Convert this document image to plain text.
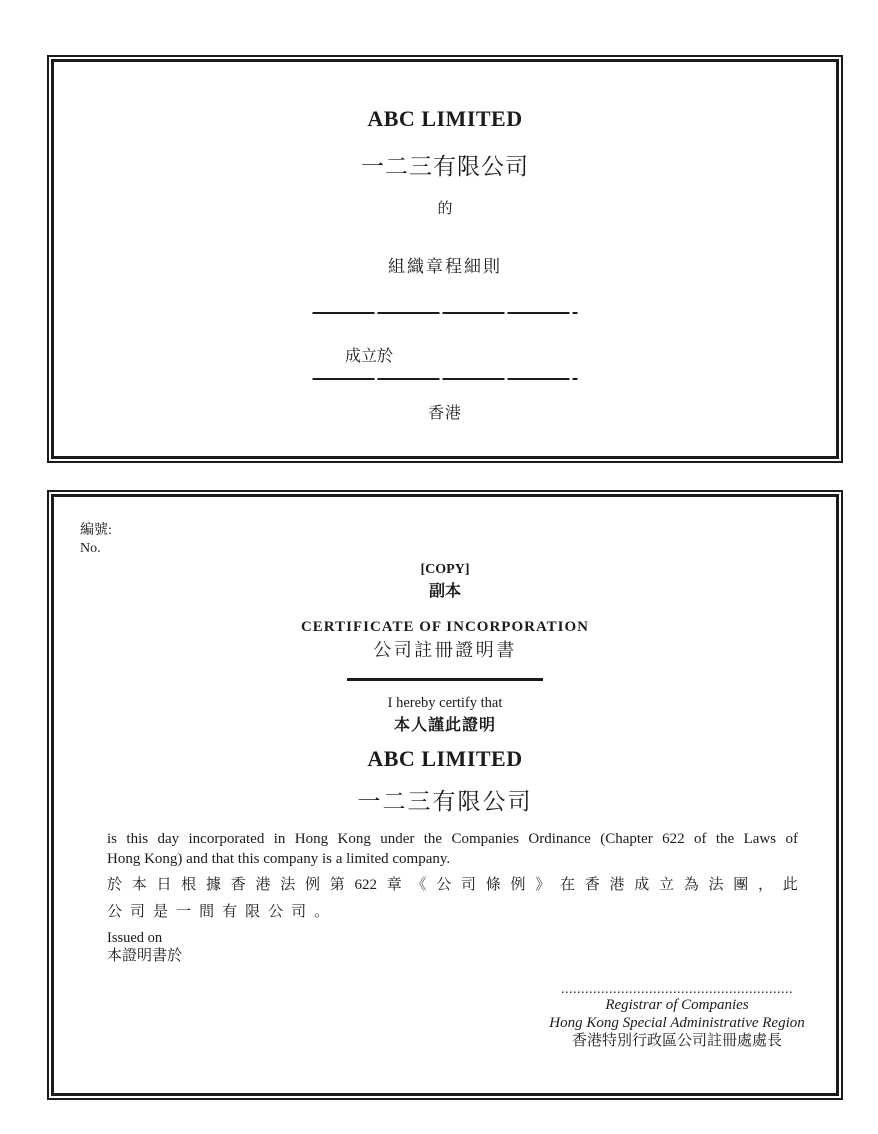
ABC LIMITED
一二三有限公司
的
組織章程細則
成立於
香港
編號:
No.
[COPY]
副本
CERTIFICATE OF INCORPORATION
公司註冊證明書
I hereby certify that
本人謹此證明
ABC LIMITED
一二三有限公司
is this day incorporated in Hong Kong under the Companies Ordinance (Chapter 622 of the Laws of
Hong Kong) and that this company is a limited company.
於 本 日 根 據 香 港 法 例 第 622 章 《 公 司 條 例 》 在 香 港 成 立 為 法 團 ， 此
公 司 是 一 間 有 限 公 司 。
Issued on
本證明書於
..........................................................
Registrar of Companies
Hong Kong Special Administrative Region
香港特別行政區公司註冊處處長
